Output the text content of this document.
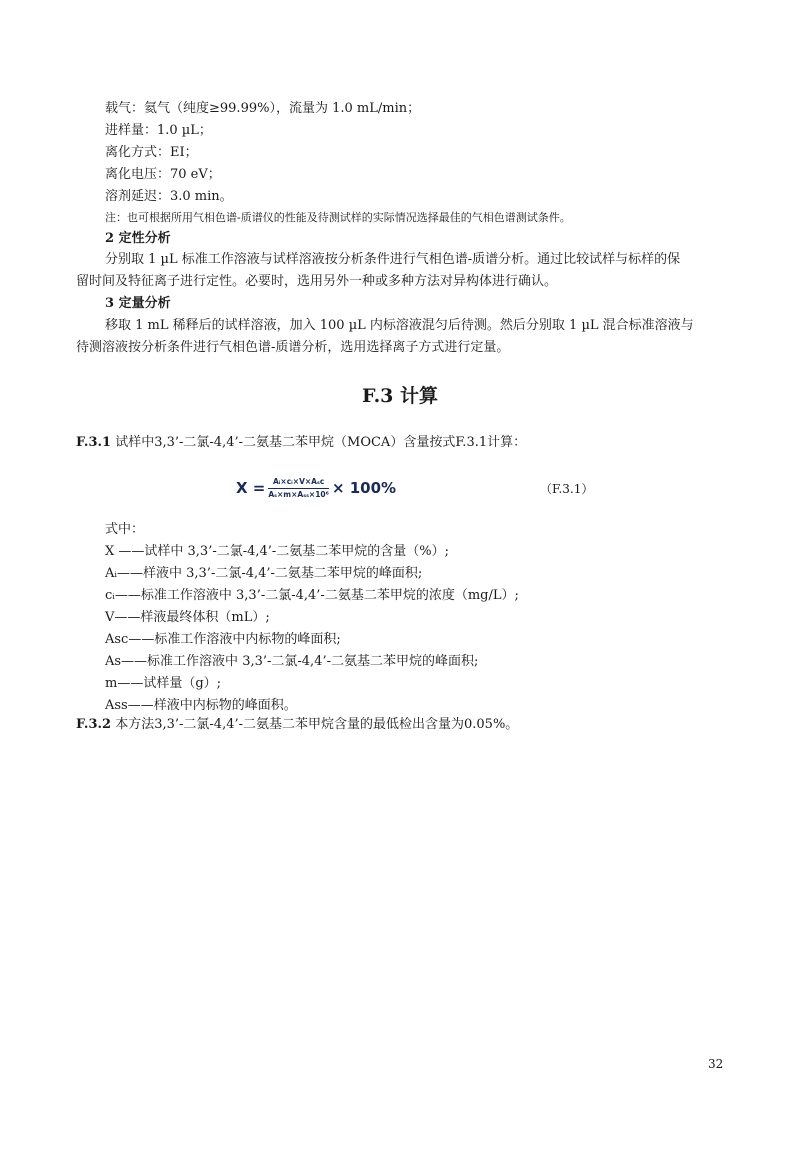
载气：氦气（纯度≥99.99%），流量为 1.0 mL/min；
进样量：1.0 µL；
离化方式：EI；
离化电压：70 eV；
溶剂延迟：3.0 min。
注：也可根据所用气相色谱-质谱仪的性能及待测试样的实际情况选择最佳的气相色谱测试条件。
2 定性分析
分别取 1 µL 标准工作溶液与试样溶液按分析条件进行气相色谱-质谱分析。通过比较试样与标样的保
留时间及特征离子进行定性。必要时，选用另外一种或多种方法对异构体进行确认。
3 定量分析
移取 1 mL 稀释后的试样溶液，加入 100 µL 内标溶液混匀后待测。然后分别取 1 µL 混合标准溶液与
待测溶液按分析条件进行气相色谱-质谱分析，选用选择离子方式进行定量。
F.3 计算
F.3.1 试样中3,3’-二氯-4,4’-二氨基二苯甲烷（MOCA）含量按式F.3.1计算：
$X = \frac{\text{Aᵢ×cᵢ×V×Aₛc}}{\text{Aₛ×m×Aₛₛ×10⁶}} \times 100\%$	（F.3.1）
式中：
X ——试样中 3,3’-二氯-4,4’-二氨基二苯甲烷的含量（%）;
Aᵢ——样液中 3,3’-二氯-4,4’-二氨基二苯甲烷的峰面积;
cᵢ——标准工作溶液中 3,3’-二氯-4,4’-二氨基二苯甲烷的浓度（mg/L）;
V——样液最终体积（mL）;
Asc——标准工作溶液中内标物的峰面积;
As——标准工作溶液中 3,3’-二氯-4,4’-二氨基二苯甲烷的峰面积;
m——试样量（g）;
Ass——样液中内标物的峰面积。
F.3.2 本方法3,3’-二氯-4,4’-二氨基二苯甲烷含量的最低检出含量为0.05%。
32
